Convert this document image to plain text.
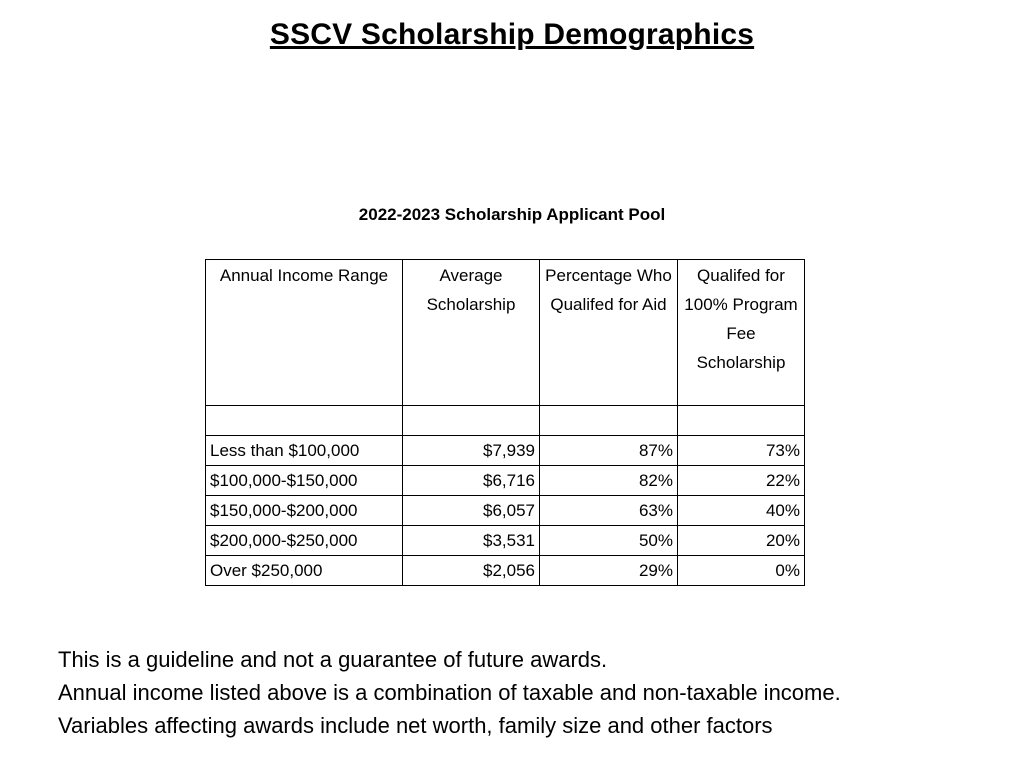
SSCV Scholarship Demographics
2022-2023 Scholarship Applicant Pool
Annual Income Range	Average Scholarship	Percentage Who Qualifed for Aid	Qualifed for 100% Program Fee Scholarship

Less than $100,000	$7,939	87%	73%
$100,000-$150,000	$6,716	82%	22%
$150,000-$200,000	$6,057	63%	40%
$200,000-$250,000	$3,531	50%	20%
Over $250,000	$2,056	29%	0%

This is a guideline and not a guarantee of future awards.

Annual income listed above is a combination of taxable and non-taxable income.

Variables affecting awards include net worth, family size and other factors
